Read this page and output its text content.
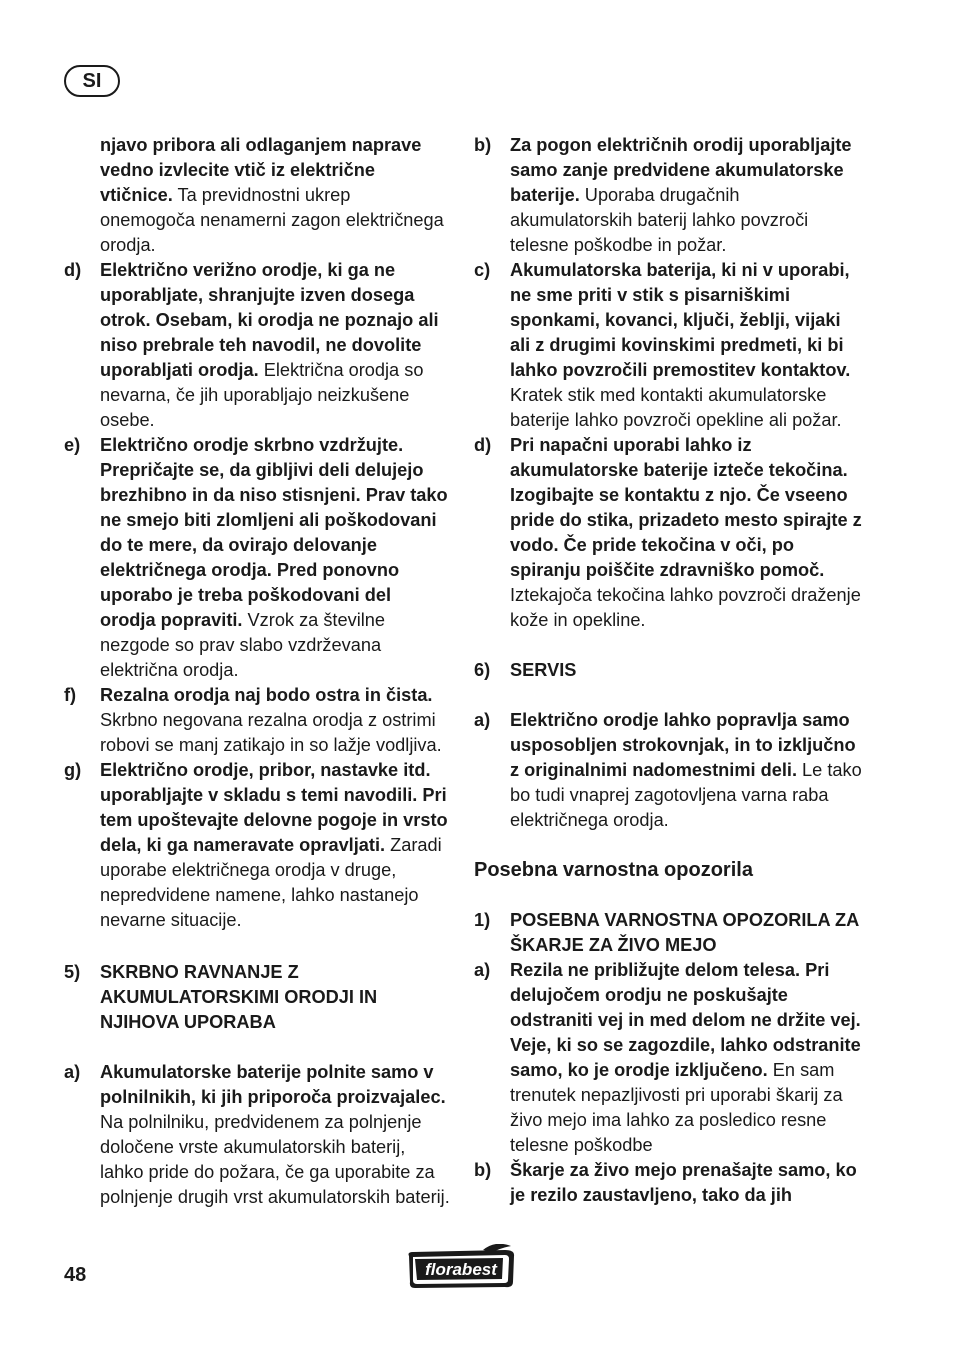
SI
njavo pribora ali odlaganjem naprave vedno izvlecite vtič iz električne vtičnice. Ta previdnostni ukrep onemogoča nenamerni zagon električnega orodja.
d) Električno verižno orodje, ki ga ne uporabljate, shranjujte izven dosega otrok. Osebam, ki orodja ne poznajo ali niso prebrale teh navodil, ne dovolite uporabljati orodja. Električna orodja so nevarna, če jih uporabljajo neizkušene osebe.
e) Električno orodje skrbno vzdržujte. Prepričajte se, da gibljivi deli delujejo brezhibno in da niso stisnjeni. Prav tako ne smejo biti zlomljeni ali poškodovani do te mere, da ovirajo delovanje električnega orodja. Pred ponovno uporabo je treba poškodovani del orodja popraviti. Vzrok za številne nezgode so prav slabo vzdrževana električna orodja.
f) Rezalna orodja naj bodo ostra in čista. Skrbno negovana rezalna orodja z ostrimi robovi se manj zatikajo in so lažje vodljiva.
g) Električno orodje, pribor, nastavke itd. uporabljajte v skladu s temi navodili. Pri tem upoštevajte delovne pogoje in vrsto dela, ki ga nameravate opravljati. Zaradi uporabe električnega orodja v druge, nepredvidene namene, lahko nastanejo nevarne situacije.
5) SKRBNO RAVNANJE Z AKUMULATORSKIMI ORODJI IN NJIHOVA UPORABA
a) Akumulatorske baterije polnite samo v polnilnikih, ki jih priporoča proizvajalec. Na polnilniku, predvidenem za polnjenje določene vrste akumulatorskih baterij, lahko pride do požara, če ga uporabite za polnjenje drugih vrst akumulatorskih baterij.
b) Za pogon električnih orodij uporabljajte samo zanje predvidene akumulatorske baterije. Uporaba drugačnih akumulatorskih baterij lahko povzroči telesne poškodbe in požar.
c) Akumulatorska baterija, ki ni v uporabi, ne sme priti v stik s pisarniškimi sponkami, kovanci, ključi, žeblji, vijaki ali z drugimi kovinskimi predmeti, ki bi lahko povzročili premostitev kontaktov. Kratek stik med kontakti akumulatorske baterije lahko povzroči opekline ali požar.
d) Pri napačni uporabi lahko iz akumulatorske baterije izteče tekočina. Izogibajte se kontaktu z njo. Če vseeno pride do stika, prizadeto mesto spirajte z vodo. Če pride tekočina v oči, po spiranju poiščite zdravniško pomoč. Iztekajoča tekočina lahko povzroči draženje kože in opekline.
6) SERVIS
a) Električno orodje lahko popravlja samo usposobljen strokovnjak, in to izključno z originalnimi nadomestnimi deli. Le tako bo tudi vnaprej zagotovljena varna raba električnega orodja.
Posebna varnostna opozorila
1) POSEBNA VARNOSTNA OPOZORILA ZA ŠKARJE ZA ŽIVO MEJO
a) Rezila ne približujte delom telesa. Pri delujočem orodju ne poskušajte odstraniti vej in med delom ne držite vej. Veje, ki so se zagozdile, lahko odstranite samo, ko je orodje izključeno. En sam trenutek nepazljivosti pri uporabi škarij za živo mejo ima lahko za posledico resne telesne poškodbe
b) Škarje za živo mejo prenašajte samo, ko je rezilo zaustavljeno, tako da jih
48	florabest
